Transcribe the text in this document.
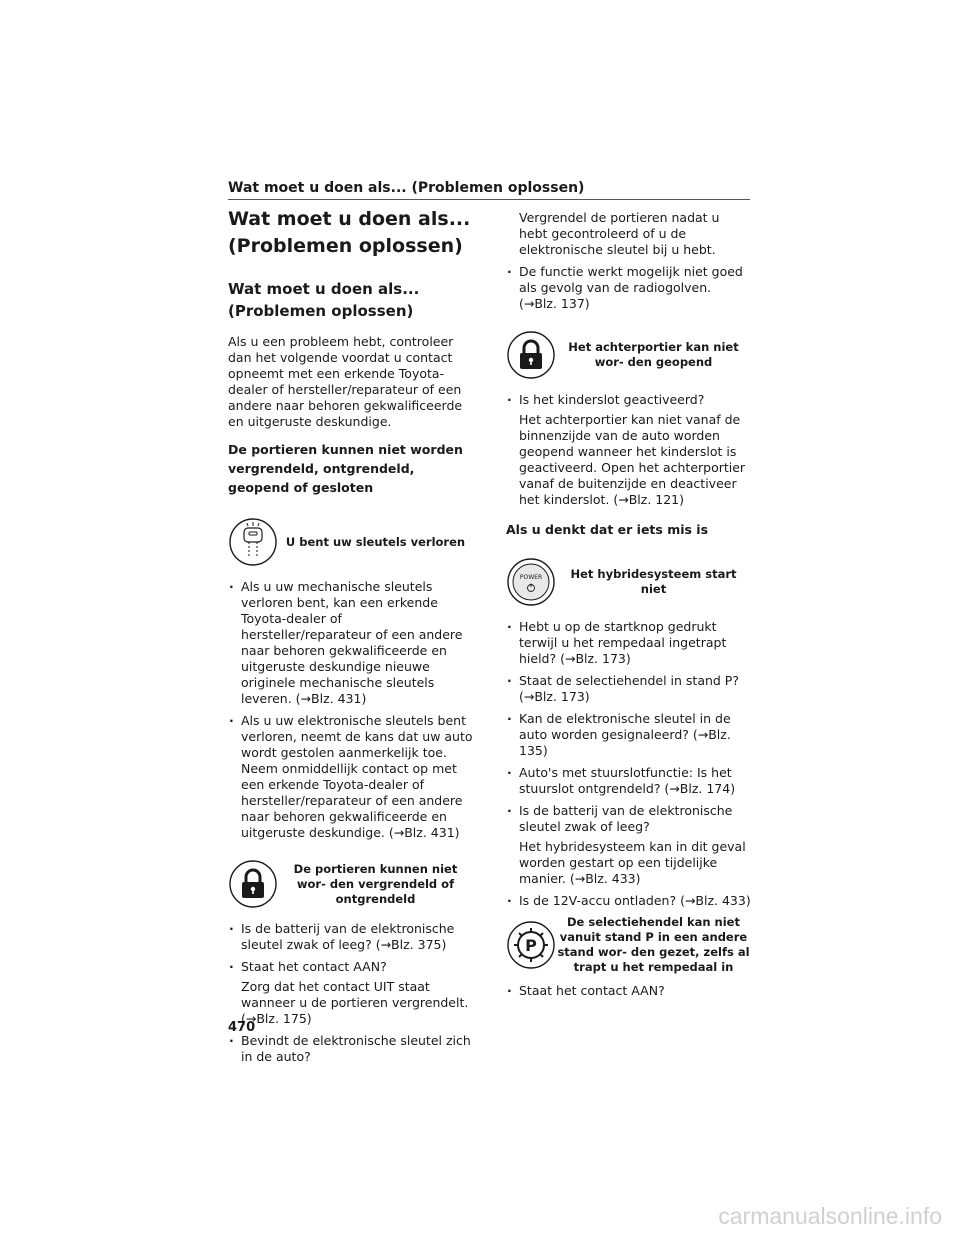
Wat moet u doen als... (Problemen oplossen)
Wat moet u doen als...
(Problemen oplossen)
Wat moet u doen als...
(Problemen oplossen)

Als u een probleem hebt, controleer dan het volgende voordat u contact opneemt met een erkende Toyota-dealer of hersteller/reparateur of een andere naar behoren gekwalificeerde en uitgeruste deskundige.

De portieren kunnen niet worden vergrendeld, ontgrendeld, geopend of gesloten
U bent uw sleutels verloren
· Als u uw mechanische sleutels verloren bent, kan een erkende Toyota-dealer of hersteller/reparateur of een andere naar behoren gekwalificeerde en uitgeruste deskundige nieuwe originele mechanische sleutels leveren. (→Blz. 431)
· Als u uw elektronische sleutels bent verloren, neemt de kans dat uw auto wordt gestolen aanmerkelijk toe. Neem onmiddellijk contact op met een erkende Toyota-dealer of hersteller/reparateur of een andere naar behoren gekwalificeerde en uitgeruste deskundige. (→Blz. 431)
De portieren kunnen niet wor- den vergrendeld of ontgrendeld
· Is de batterij van de elektronische sleutel zwak of leeg? (→Blz. 375)
· Staat het contact AAN?
Zorg dat het contact UIT staat wanneer u de portieren vergrendelt. (→Blz. 175)
· Bevindt de elektronische sleutel zich in de auto?

Vergrendel de portieren nadat u hebt gecontroleerd of u de elektronische sleutel bij u hebt.

· De functie werkt mogelijk niet goed als gevolg van de radiogolven. (→Blz. 137)
Het achterportier kan niet wor- den geopend
· Is het kinderslot geactiveerd?
Het achterportier kan niet vanaf de binnenzijde van de auto worden geopend wanneer het kinderslot is geactiveerd. Open het achterportier vanaf de buitenzijde en deactiveer het kinderslot. (→Blz. 121)
Als u denkt dat er iets mis is
POWER	Het hybridesysteem start niet
· Hebt u op de startknop gedrukt terwijl u het rempedaal ingetrapt hield? (→Blz. 173)
· Staat de selectiehendel in stand P? (→Blz. 173)
· Kan de elektronische sleutel in de auto worden gesignaleerd? (→Blz. 135)
· Auto's met stuurslotfunctie: Is het stuurslot ontgrendeld? (→Blz. 174)
· Is de batterij van de elektronische sleutel zwak of leeg?
Het hybridesysteem kan in dit geval worden gestart op een tijdelijke manier. (→Blz. 433)
· Is de 12V-accu ontladen? (→Blz. 433)
P
De selectiehendel kan niet vanuit stand P in een andere stand wor- den gezet, zelfs al trapt u het rempedaal in
· Staat het contact AAN?
470
carmanualsonline.info
